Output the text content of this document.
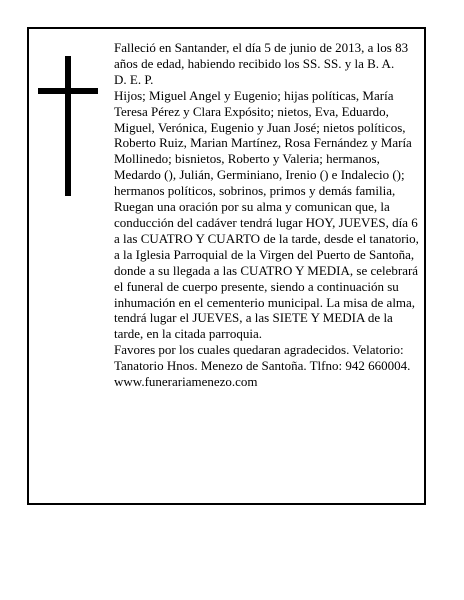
Falleció en Santander, el día 5 de junio de 2013, a los 83 años de edad, habiendo recibido los SS. SS. y la B. A.

D. E. P.

Hijos; Miguel Angel y Eugenio; hijas políticas, María Teresa Pérez y Clara Expósito; nietos, Eva, Eduardo, Miguel, Verónica, Eugenio y Juan José; nietos políticos, Roberto Ruiz, Marian Martínez, Rosa Fernández y María Mollinedo; bisnietos, Roberto y Valeria; hermanos, Medardo (), Julián, Germiniano, Irenio () e Indalecio (); hermanos políticos, sobrinos, primos y demás familia,

Ruegan una oración por su alma y comunican que, la conducción del cadáver tendrá lugar HOY, JUEVES, día 6 a las CUATRO Y CUARTO de la tarde, desde el tanatorio, a la Iglesia Parroquial de la Virgen del Puerto de Santoña, donde a su llegada a las CUATRO Y MEDIA, se celebrará el funeral de cuerpo presente, siendo a continuación su inhumación en el cementerio municipal. La misa de alma, tendrá lugar el JUEVES, a las SIETE Y MEDIA de la tarde, en la citada parroquia.

Favores por los cuales quedaran agradecidos. Velatorio: Tanatorio Hnos. Menezo de Santoña. Tlfno: 942 660004.

www.funerariamenezo.com
